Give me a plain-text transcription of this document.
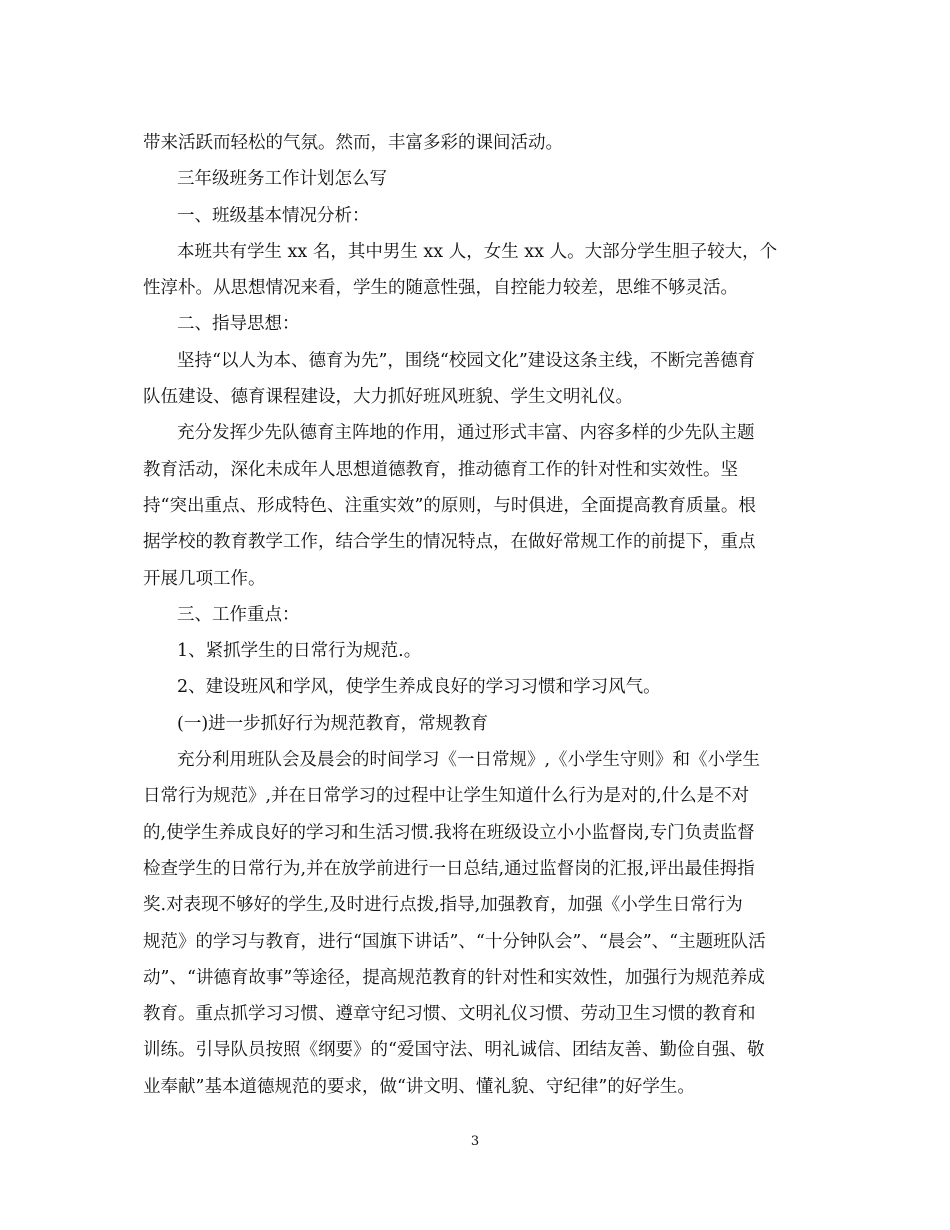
带来活跃而轻松的气氛。然而，丰富多彩的课间活动。
三年级班务工作计划怎么写
一、班级基本情况分析：
本班共有学生 xx 名，其中男生 xx 人，女生 xx 人。大部分学生胆子较大，个
性淳朴。从思想情况来看，学生的随意性强，自控能力较差，思维不够灵活。
二、指导思想：
坚持“以人为本、德育为先”，围绕“校园文化”建设这条主线，不断完善德育
队伍建设、德育课程建设，大力抓好班风班貌、学生文明礼仪。
充分发挥少先队德育主阵地的作用，通过形式丰富、内容多样的少先队主题
教育活动，深化未成年人思想道德教育，推动德育工作的针对性和实效性。坚
持“突出重点、形成特色、注重实效”的原则，与时俱进，全面提高教育质量。根
据学校的教育教学工作，结合学生的情况特点，在做好常规工作的前提下，重点
开展几项工作。
三、工作重点：
1、紧抓学生的日常行为规范.。
2、建设班风和学风，使学生养成良好的学习习惯和学习风气。
(一)进一步抓好行为规范教育，常规教育
充分利用班队会及晨会的时间学习《一日常规》,《小学生守则》和《小学生
日常行为规范》,并在日常学习的过程中让学生知道什么行为是对的,什么是不对
的,使学生养成良好的学习和生活习惯.我将在班级设立小小监督岗,专门负责监督
检查学生的日常行为,并在放学前进行一日总结,通过监督岗的汇报,评出最佳拇指
奖.对表现不够好的学生,及时进行点拨,指导,加强教育，加强《小学生日常行为
规范》的学习与教育，进行“国旗下讲话”、“十分钟队会”、“晨会”、“主题班队活
动”、“讲德育故事”等途径，提高规范教育的针对性和实效性，加强行为规范养成
教育。重点抓学习习惯、遵章守纪习惯、文明礼仪习惯、劳动卫生习惯的教育和
训练。引导队员按照《纲要》的“爱国守法、明礼诚信、团结友善、勤俭自强、敬
业奉献”基本道德规范的要求，做“讲文明、懂礼貌、守纪律”的好学生。
3
